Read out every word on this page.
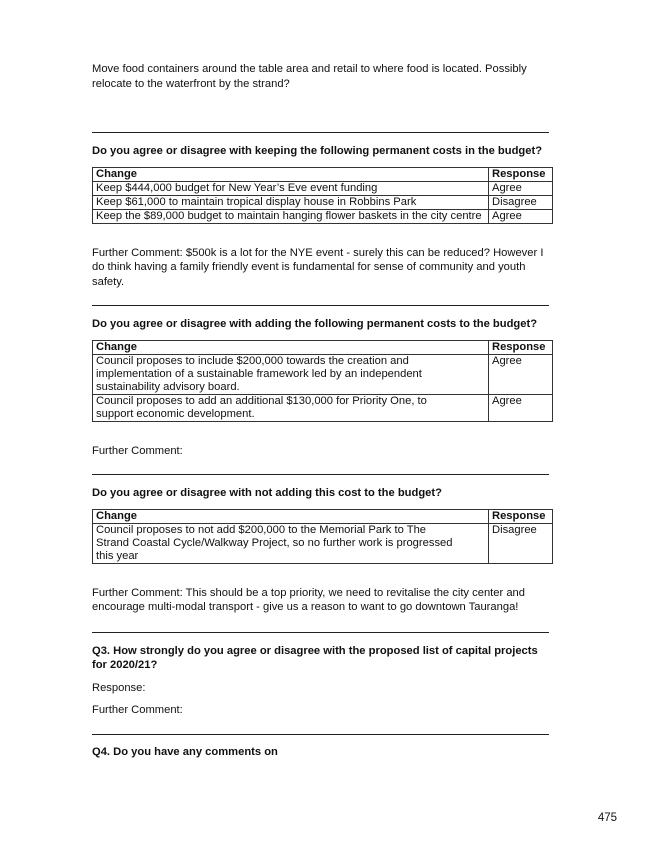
Move food containers around the table area and retail to where food is located. Possibly relocate to the waterfront by the strand?

Do you agree or disagree with keeping the following permanent costs in the budget?

Change	Response
Keep $444,000 budget for New Year’s Eve event funding	Agree
Keep $61,000 to maintain tropical display house in Robbins Park	Disagree
Keep the $89,000 budget to maintain hanging flower baskets in the city centre	Agree

Further Comment: $500k is a lot for the NYE event - surely this can be reduced? However I do think having a family friendly event is fundamental for sense of community and youth safety.

Do you agree or disagree with adding the following permanent costs to the budget?

Change	Response
Council proposes to include $200,000 towards the creation and implementation of a sustainable framework led by an independent sustainability advisory board.	Agree
Council proposes to add an additional $130,000 for Priority One, to support economic development.	Agree

Further Comment:

Do you agree or disagree with not adding this cost to the budget?

Change	Response
Council proposes to not add $200,000 to the Memorial Park to The Strand Coastal Cycle/Walkway Project, so no further work is progressed this year	Disagree

Further Comment: This should be a top priority, we need to revitalise the city center and encourage multi-modal transport - give us a reason to want to go downtown Tauranga!

Q3. How strongly do you agree or disagree with the proposed list of capital projects for 2020/21?

Response:

Further Comment:

Q4. Do you have any comments on

475
